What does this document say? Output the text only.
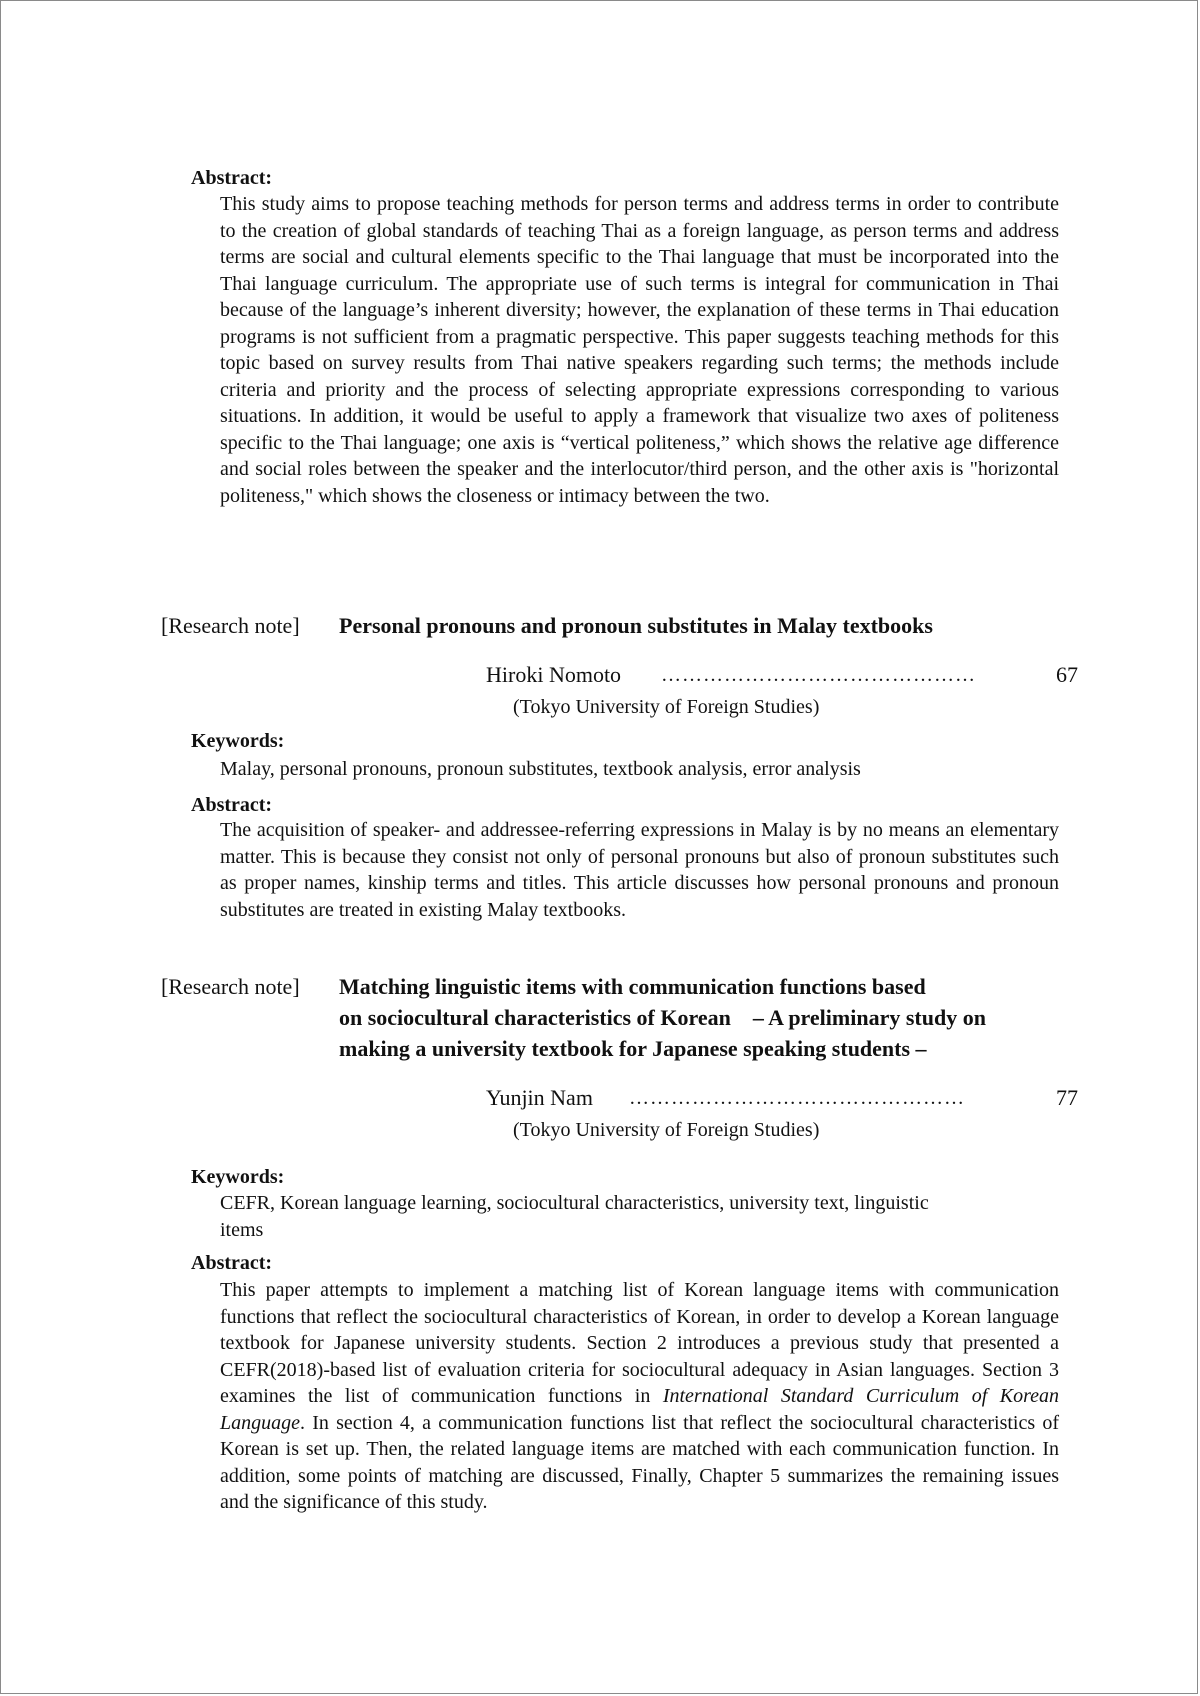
Abstract:

This study aims to propose teaching methods for person terms and address terms in order to contribute to the creation of global standards of teaching Thai as a foreign language, as person terms and address terms are social and cultural elements specific to the Thai language that must be incorporated into the Thai language curriculum. The appropriate use of such terms is integral for communication in Thai because of the language’s inherent diversity; however, the explanation of these terms in Thai education programs is not sufficient from a pragmatic perspective. This paper suggests teaching methods for this topic based on survey results from Thai native speakers regarding such terms; the methods include criteria and priority and the process of selecting appropriate expressions corresponding to various situations. In addition, it would be useful to apply a framework that visualize two axes of politeness specific to the Thai language; one axis is “vertical politeness,” which shows the relative age difference and social roles between the speaker and the interlocutor/third person, and the other axis is "horizontal politeness," which shows the closeness or intimacy between the two.

[Research note] Personal pronouns and pronoun substitutes in Malay textbooks
Hiroki Nomoto ………………………………………	67
(Tokyo University of Foreign Studies)
Keywords:

Malay, personal pronouns, pronoun substitutes, textbook analysis, error analysis

Abstract:

The acquisition of speaker- and addressee-referring expressions in Malay is by no means an elementary matter. This is because they consist not only of personal pronouns but also of pronoun substitutes such as proper names, kinship terms and titles. This article discusses how personal pronouns and pronoun substitutes are treated in existing Malay textbooks.

[Research note] Matching linguistic items with communication functions based
on sociocultural characteristics of Korean　– A preliminary study on
making a university textbook for Japanese speaking students –
Yunjin Nam …………………………………………	77
(Tokyo University of Foreign Studies)
Keywords:
CEFR, Korean language learning, sociocultural characteristics, university text, linguistic
items
Abstract:

This paper attempts to implement a matching list of Korean language items with communication functions that reflect the sociocultural characteristics of Korean, in order to develop a Korean language textbook for Japanese university students. Section 2 introduces a previous study that presented a CEFR(2018)-based list of evaluation criteria for sociocultural adequacy in Asian languages. Section 3 examines the list of communication functions in International Standard Curriculum of Korean Language. In section 4, a communication functions list that reflect the sociocultural characteristics of Korean is set up. Then, the related language items are matched with each communication function. In addition, some points of matching are discussed, Finally, Chapter 5 summarizes the remaining issues and the significance of this study.
